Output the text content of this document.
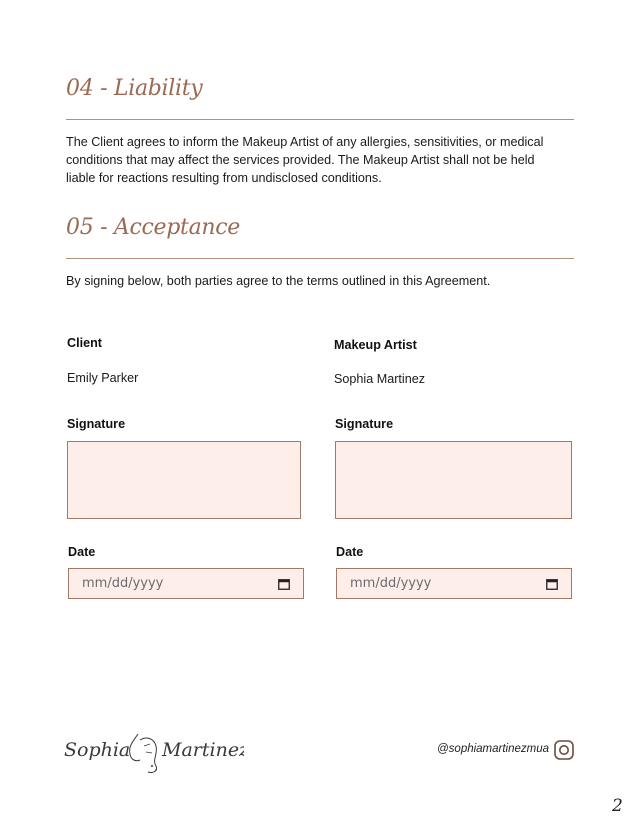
04 - Liability
The Client agrees to inform the Makeup Artist of any allergies, sensitivities, or medical
conditions that may affect the services provided. The Makeup Artist shall not be held
liable for reactions resulting from undisclosed conditions.
05 - Acceptance
By signing below, both parties agree to the terms outlined in this Agreement.
Client
Emily Parker
Signature
Date
mm/dd/yyyy
Makeup Artist
Sophia Martinez
Signature
Date
mm/dd/yyyy
Sophia Martinez	@sophiamartinezmua
2
